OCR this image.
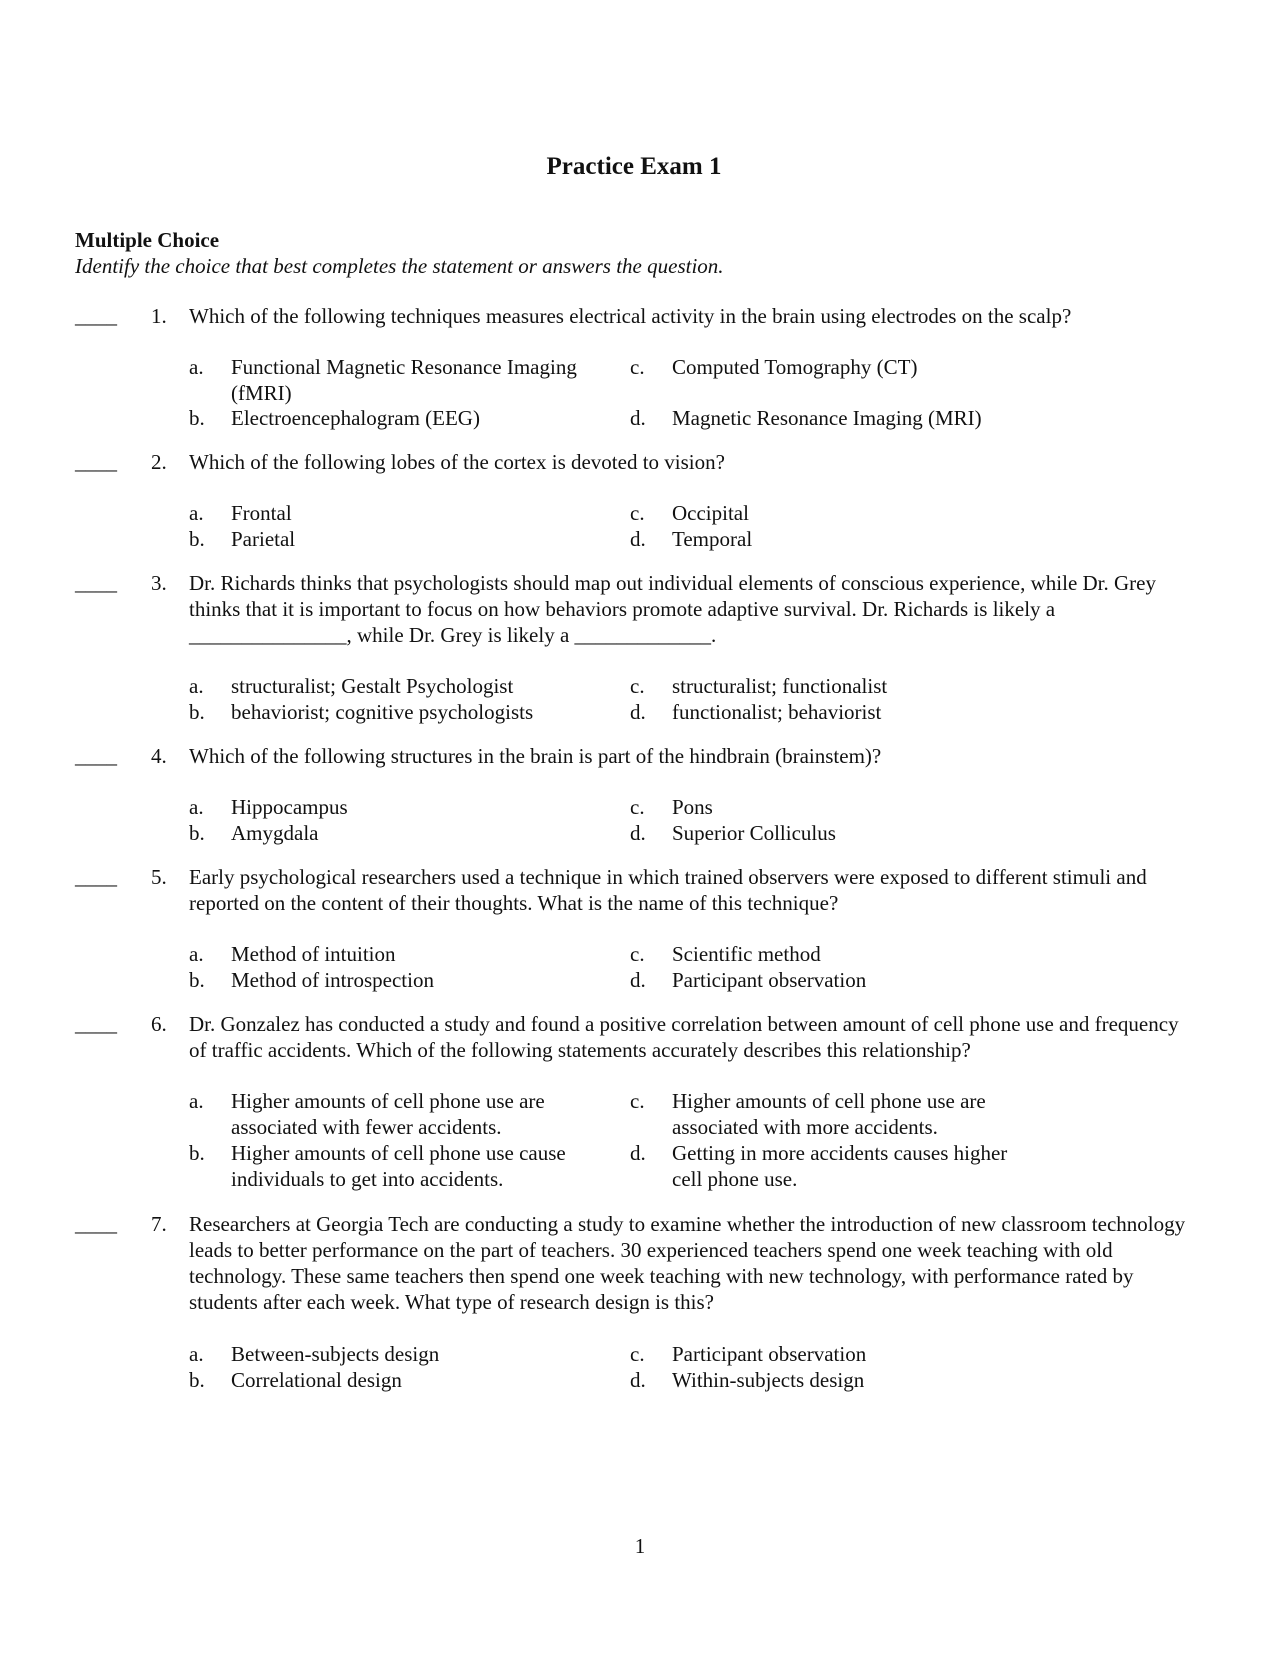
Practice Exam 1
Multiple Choice
Identify the choice that best completes the statement or answers the question.
____ 1. Which of the following techniques measures electrical activity in the brain using electrodes on the scalp?

a. Functional Magnetic Resonance Imaging (fMRI)
b. Electroencephalogram (EEG)
c. Computed Tomography (CT)
d. Magnetic Resonance Imaging (MRI)
____ 2. Which of the following lobes of the cortex is devoted to vision?

a. Frontal
b. Parietal
c. Occipital
d. Temporal
____ 3. Dr. Richards thinks that psychologists should map out individual elements of conscious experience, while Dr. Grey thinks that it is important to focus on how behaviors promote adaptive survival. Dr. Richards is likely a _______________, while Dr. Grey is likely a _____________.

a. structuralist; Gestalt Psychologist
b. behaviorist; cognitive psychologists
c. structuralist; functionalist
d. functionalist; behaviorist
____ 4. Which of the following structures in the brain is part of the hindbrain (brainstem)?

a. Hippocampus
b. Amygdala
c. Pons
d. Superior Colliculus
____ 5. Early psychological researchers used a technique in which trained observers were exposed to different stimuli and reported on the content of their thoughts. What is the name of this technique?

a. Method of intuition
b. Method of introspection
c. Scientific method
d. Participant observation
____ 6. Dr. Gonzalez has conducted a study and found a positive correlation between amount of cell phone use and frequency of traffic accidents. Which of the following statements accurately describes this relationship?

a. Higher amounts of cell phone use are associated with fewer accidents.
b. Higher amounts of cell phone use cause individuals to get into accidents.
c. Higher amounts of cell phone use are associated with more accidents.
d. Getting in more accidents causes higher cell phone use.
____ 7. Researchers at Georgia Tech are conducting a study to examine whether the introduction of new classroom technology leads to better performance on the part of teachers. 30 experienced teachers spend one week teaching with old technology. These same teachers then spend one week teaching with new technology, with performance rated by students after each week. What type of research design is this?

a. Between-subjects design
b. Correlational design
c. Participant observation
d. Within-subjects design
1
